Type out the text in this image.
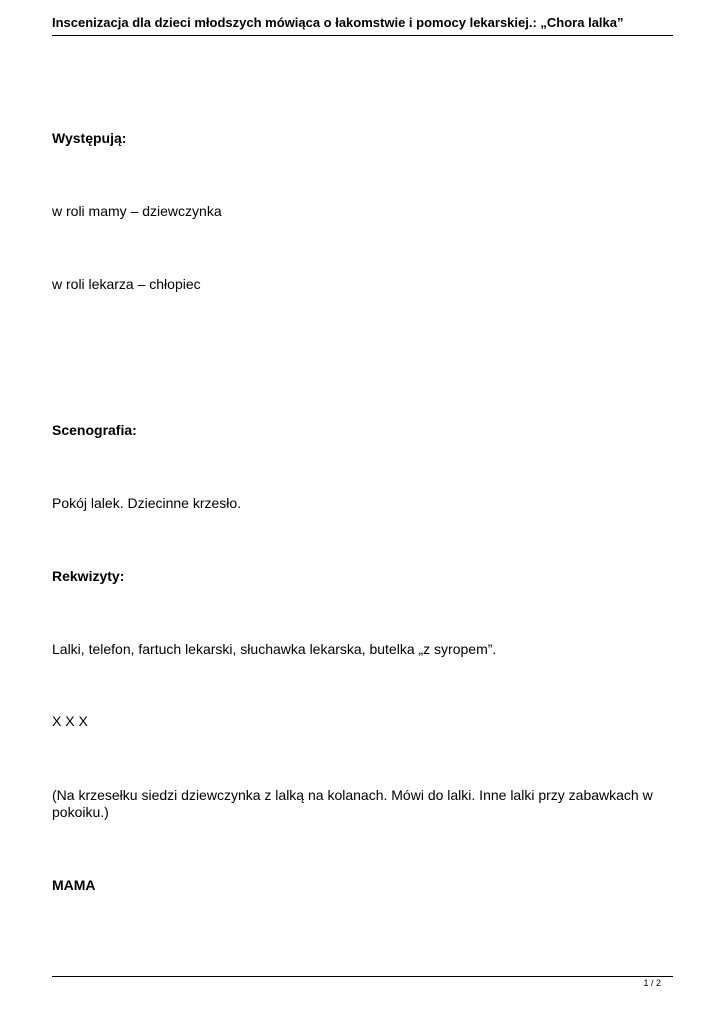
Inscenizacja dla dzieci młodszych mówiąca o łakomstwie i pomocy lekarskiej.: „Chora lalka”
Występują:
w roli mamy – dziewczynka
w roli lekarza – chłopiec
Scenografia:
Pokój lalek. Dziecinne krzesło.
Rekwizyty:
Lalki, telefon, fartuch lekarski, słuchawka lekarska, butelka „z syropem”.
X X X
(Na krzesełku siedzi dziewczynka z lalką na kolanach. Mówi do lalki. Inne lalki przy zabawkach w pokoiku.)
MAMA
1 / 2
